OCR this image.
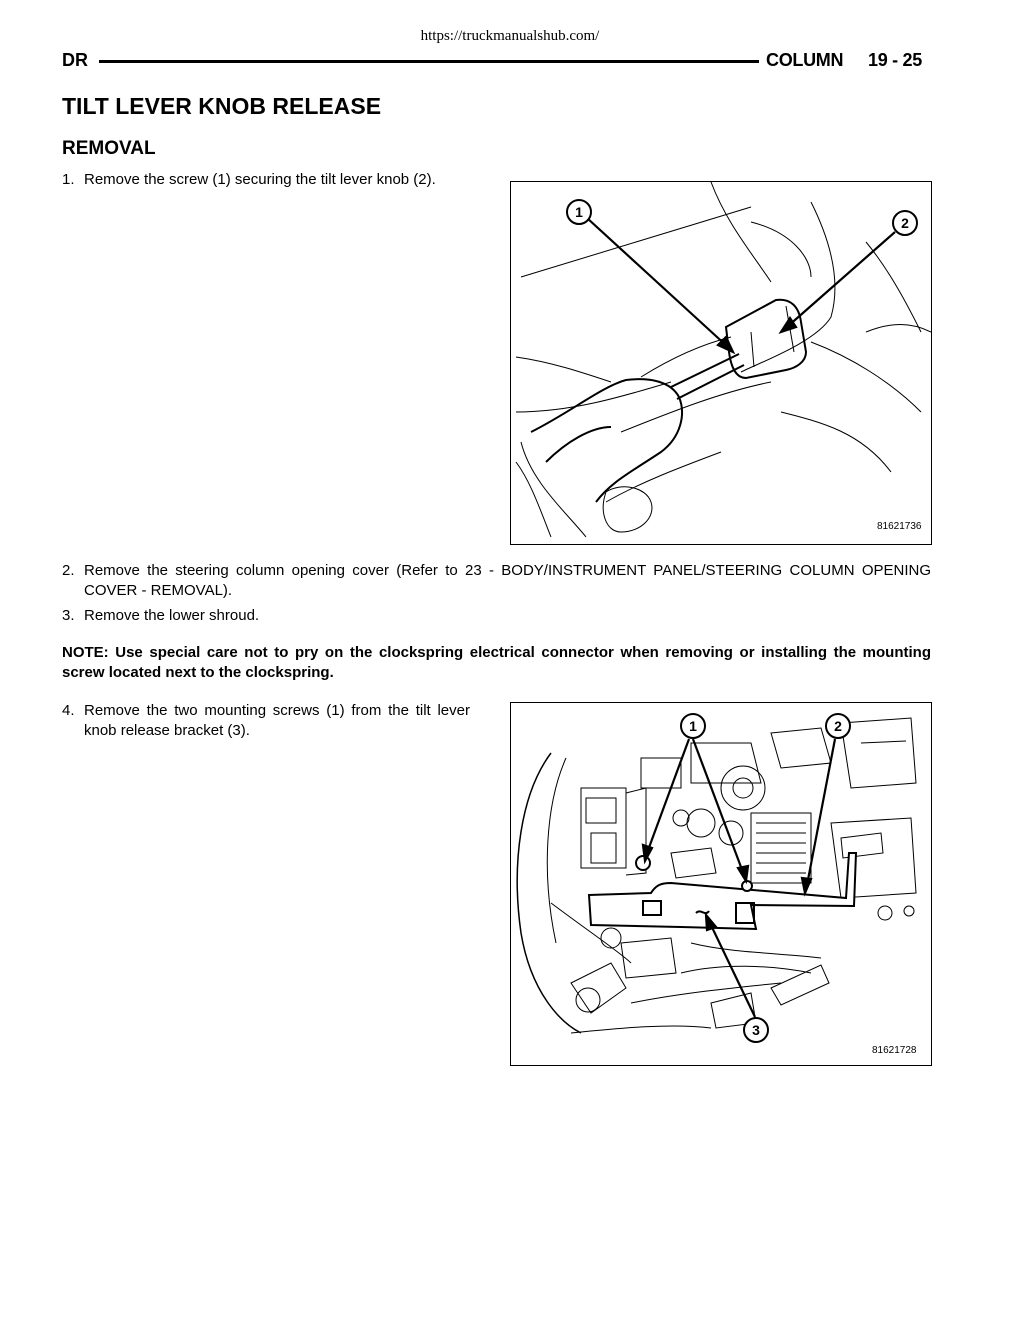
https://truckmanualshub.com/
DR	COLUMN 19 - 25
TILT LEVER KNOB RELEASE
REMOVAL
1. Remove the screw (1) securing the tilt lever knob (2).
1
2
81621736
2. Remove the steering column opening cover (Refer to 23 - BODY/INSTRUMENT PANEL/STEERING COLUMN OPENING COVER - REMOVAL).
3. Remove the lower shroud.
NOTE: Use special care not to pry on the clockspring electrical connector when removing or installing the mounting screw located next to the clockspring.
4. Remove the two mounting screws (1) from the tilt lever knob release bracket (3).	1	2
3
81621728
